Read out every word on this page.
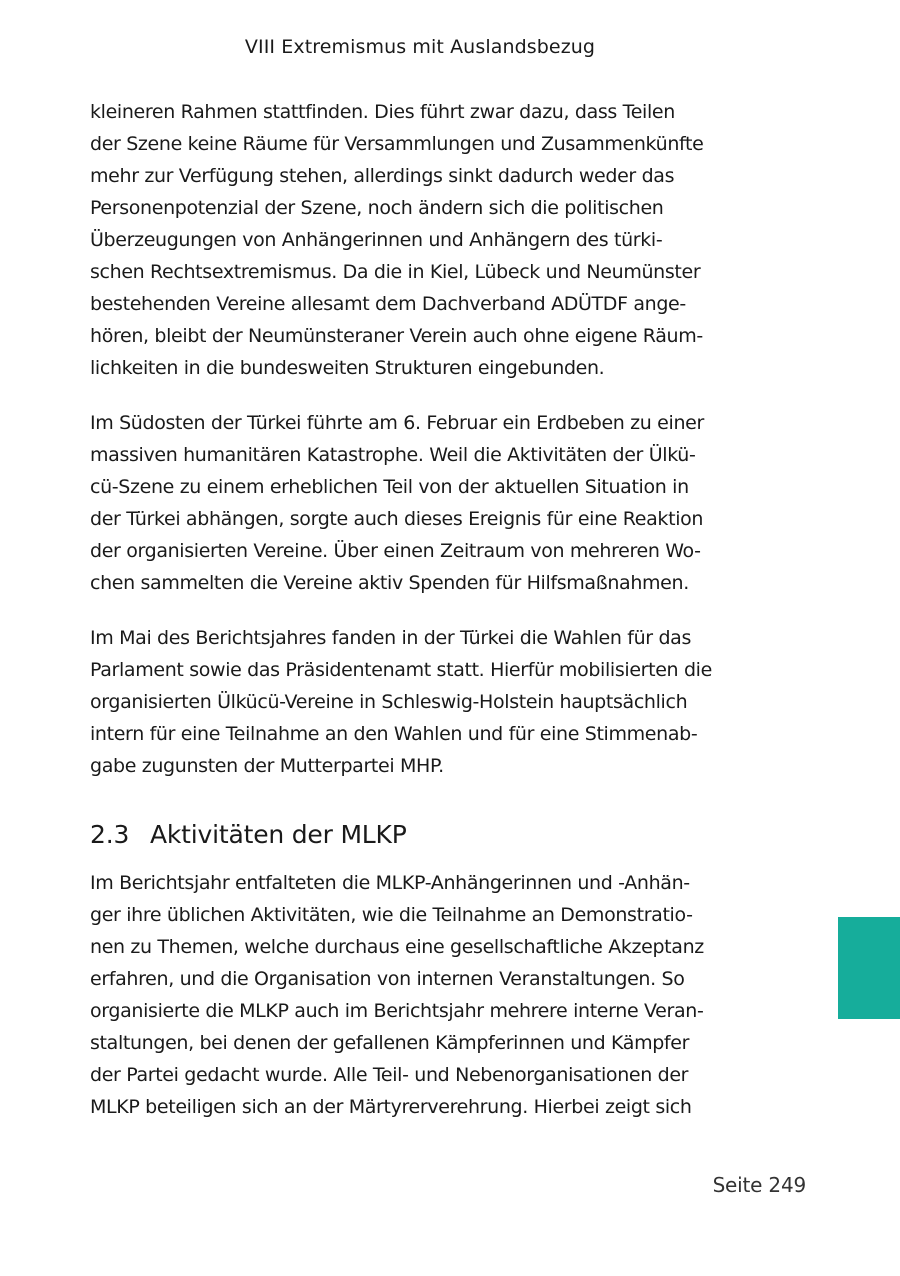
VIII Extremismus mit Auslandsbezug
kleineren Rahmen stattfinden. Dies führt zwar dazu, dass Teilen
der Szene keine Räume für Versammlungen und Zusammenkünfte
mehr zur Verfügung stehen, allerdings sinkt dadurch weder das
Personenpotenzial der Szene, noch ändern sich die politischen
Überzeugungen von Anhängerinnen und Anhängern des türki-
schen Rechtsextremismus. Da die in Kiel, Lübeck und Neumünster
bestehenden Vereine allesamt dem Dachverband ADÜTDF ange-
hören, bleibt der Neumünsteraner Verein auch ohne eigene Räum-
lichkeiten in die bundesweiten Strukturen eingebunden.
Im Südosten der Türkei führte am 6. Februar ein Erdbeben zu einer
massiven humanitären Katastrophe. Weil die Aktivitäten der Ülkü-
cü-Szene zu einem erheblichen Teil von der aktuellen Situation in
der Türkei abhängen, sorgte auch dieses Ereignis für eine Reaktion
der organisierten Vereine. Über einen Zeitraum von mehreren Wo-
chen sammelten die Vereine aktiv Spenden für Hilfsmaßnahmen.
Im Mai des Berichtsjahres fanden in der Türkei die Wahlen für das
Parlament sowie das Präsidentenamt statt. Hierfür mobilisierten die
organisierten Ülkücü-Vereine in Schleswig-Holstein hauptsächlich
intern für eine Teilnahme an den Wahlen und für eine Stimmenab-
gabe zugunsten der Mutterpartei MHP.
2.3 Aktivitäten der MLKP
Im Berichtsjahr entfalteten die MLKP-Anhängerinnen und -Anhän-
ger ihre üblichen Aktivitäten, wie die Teilnahme an Demonstratio-
nen zu Themen, welche durchaus eine gesellschaftliche Akzeptanz
erfahren, und die Organisation von internen Veranstaltungen. So
organisierte die MLKP auch im Berichtsjahr mehrere interne Veran-
staltungen, bei denen der gefallenen Kämpferinnen und Kämpfer
der Partei gedacht wurde. Alle Teil- und Nebenorganisationen der
MLKP beteiligen sich an der Märtyrerverehrung. Hierbei zeigt sich
Seite 249
